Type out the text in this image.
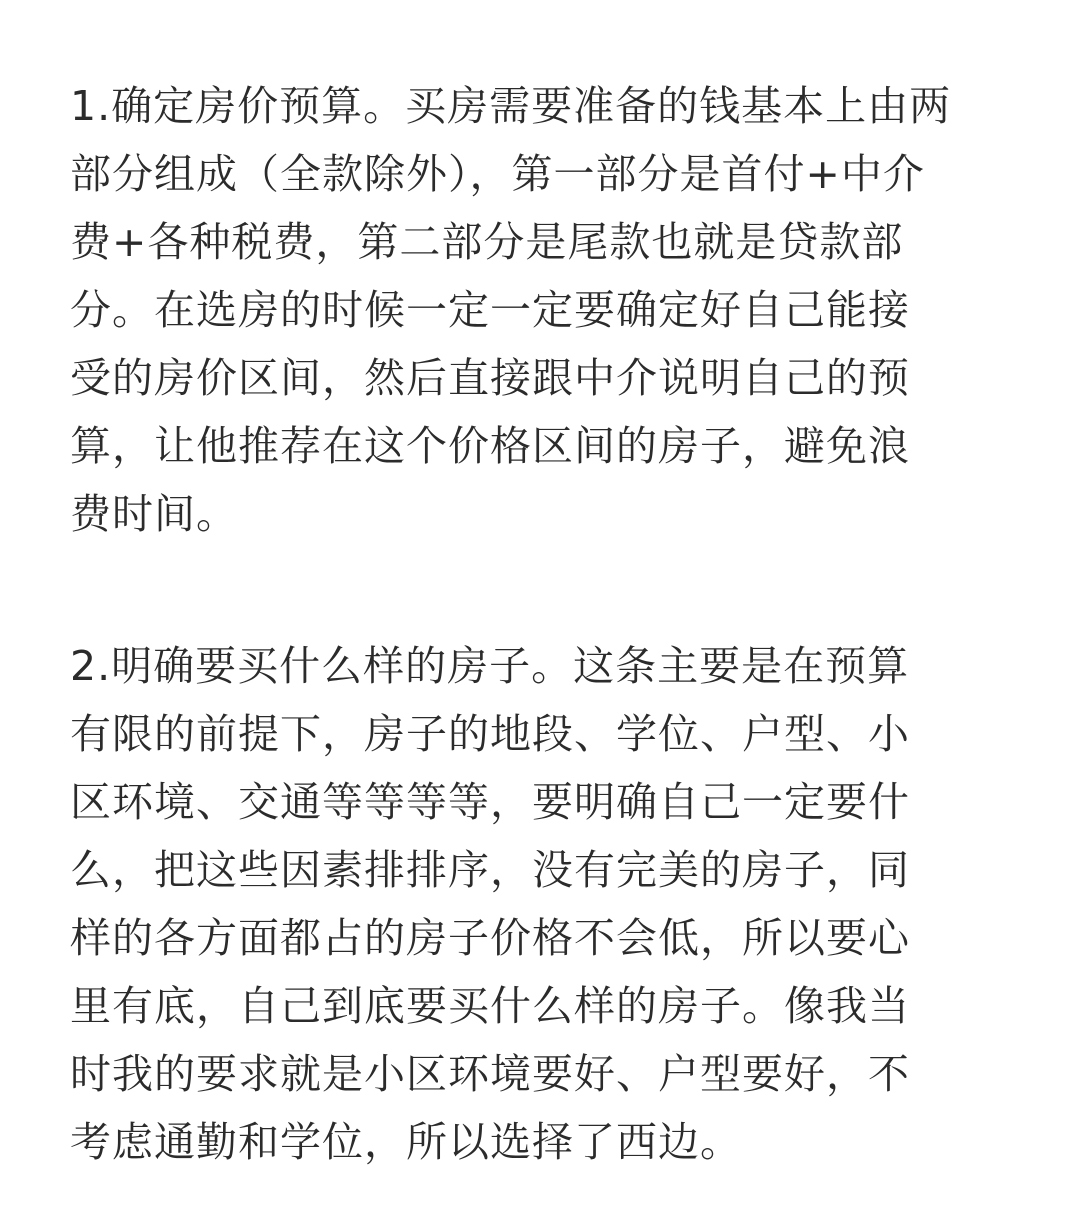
1.确定房价预算。买房需要准备的钱基本上由两
部分组成（全款除外），第一部分是首付+中介
费+各种税费，第二部分是尾款也就是贷款部
分。在选房的时候一定一定要确定好自己能接
受的房价区间，然后直接跟中介说明自己的预
算，让他推荐在这个价格区间的房子，避免浪
费时间。

2.明确要买什么样的房子。这条主要是在预算
有限的前提下，房子的地段、学位、户型、小
区环境、交通等等等等，要明确自己一定要什
么，把这些因素排排序，没有完美的房子，同
样的各方面都占的房子价格不会低，所以要心
里有底，自己到底要买什么样的房子。像我当
时我的要求就是小区环境要好、户型要好，不
考虑通勤和学位，所以选择了西边。
